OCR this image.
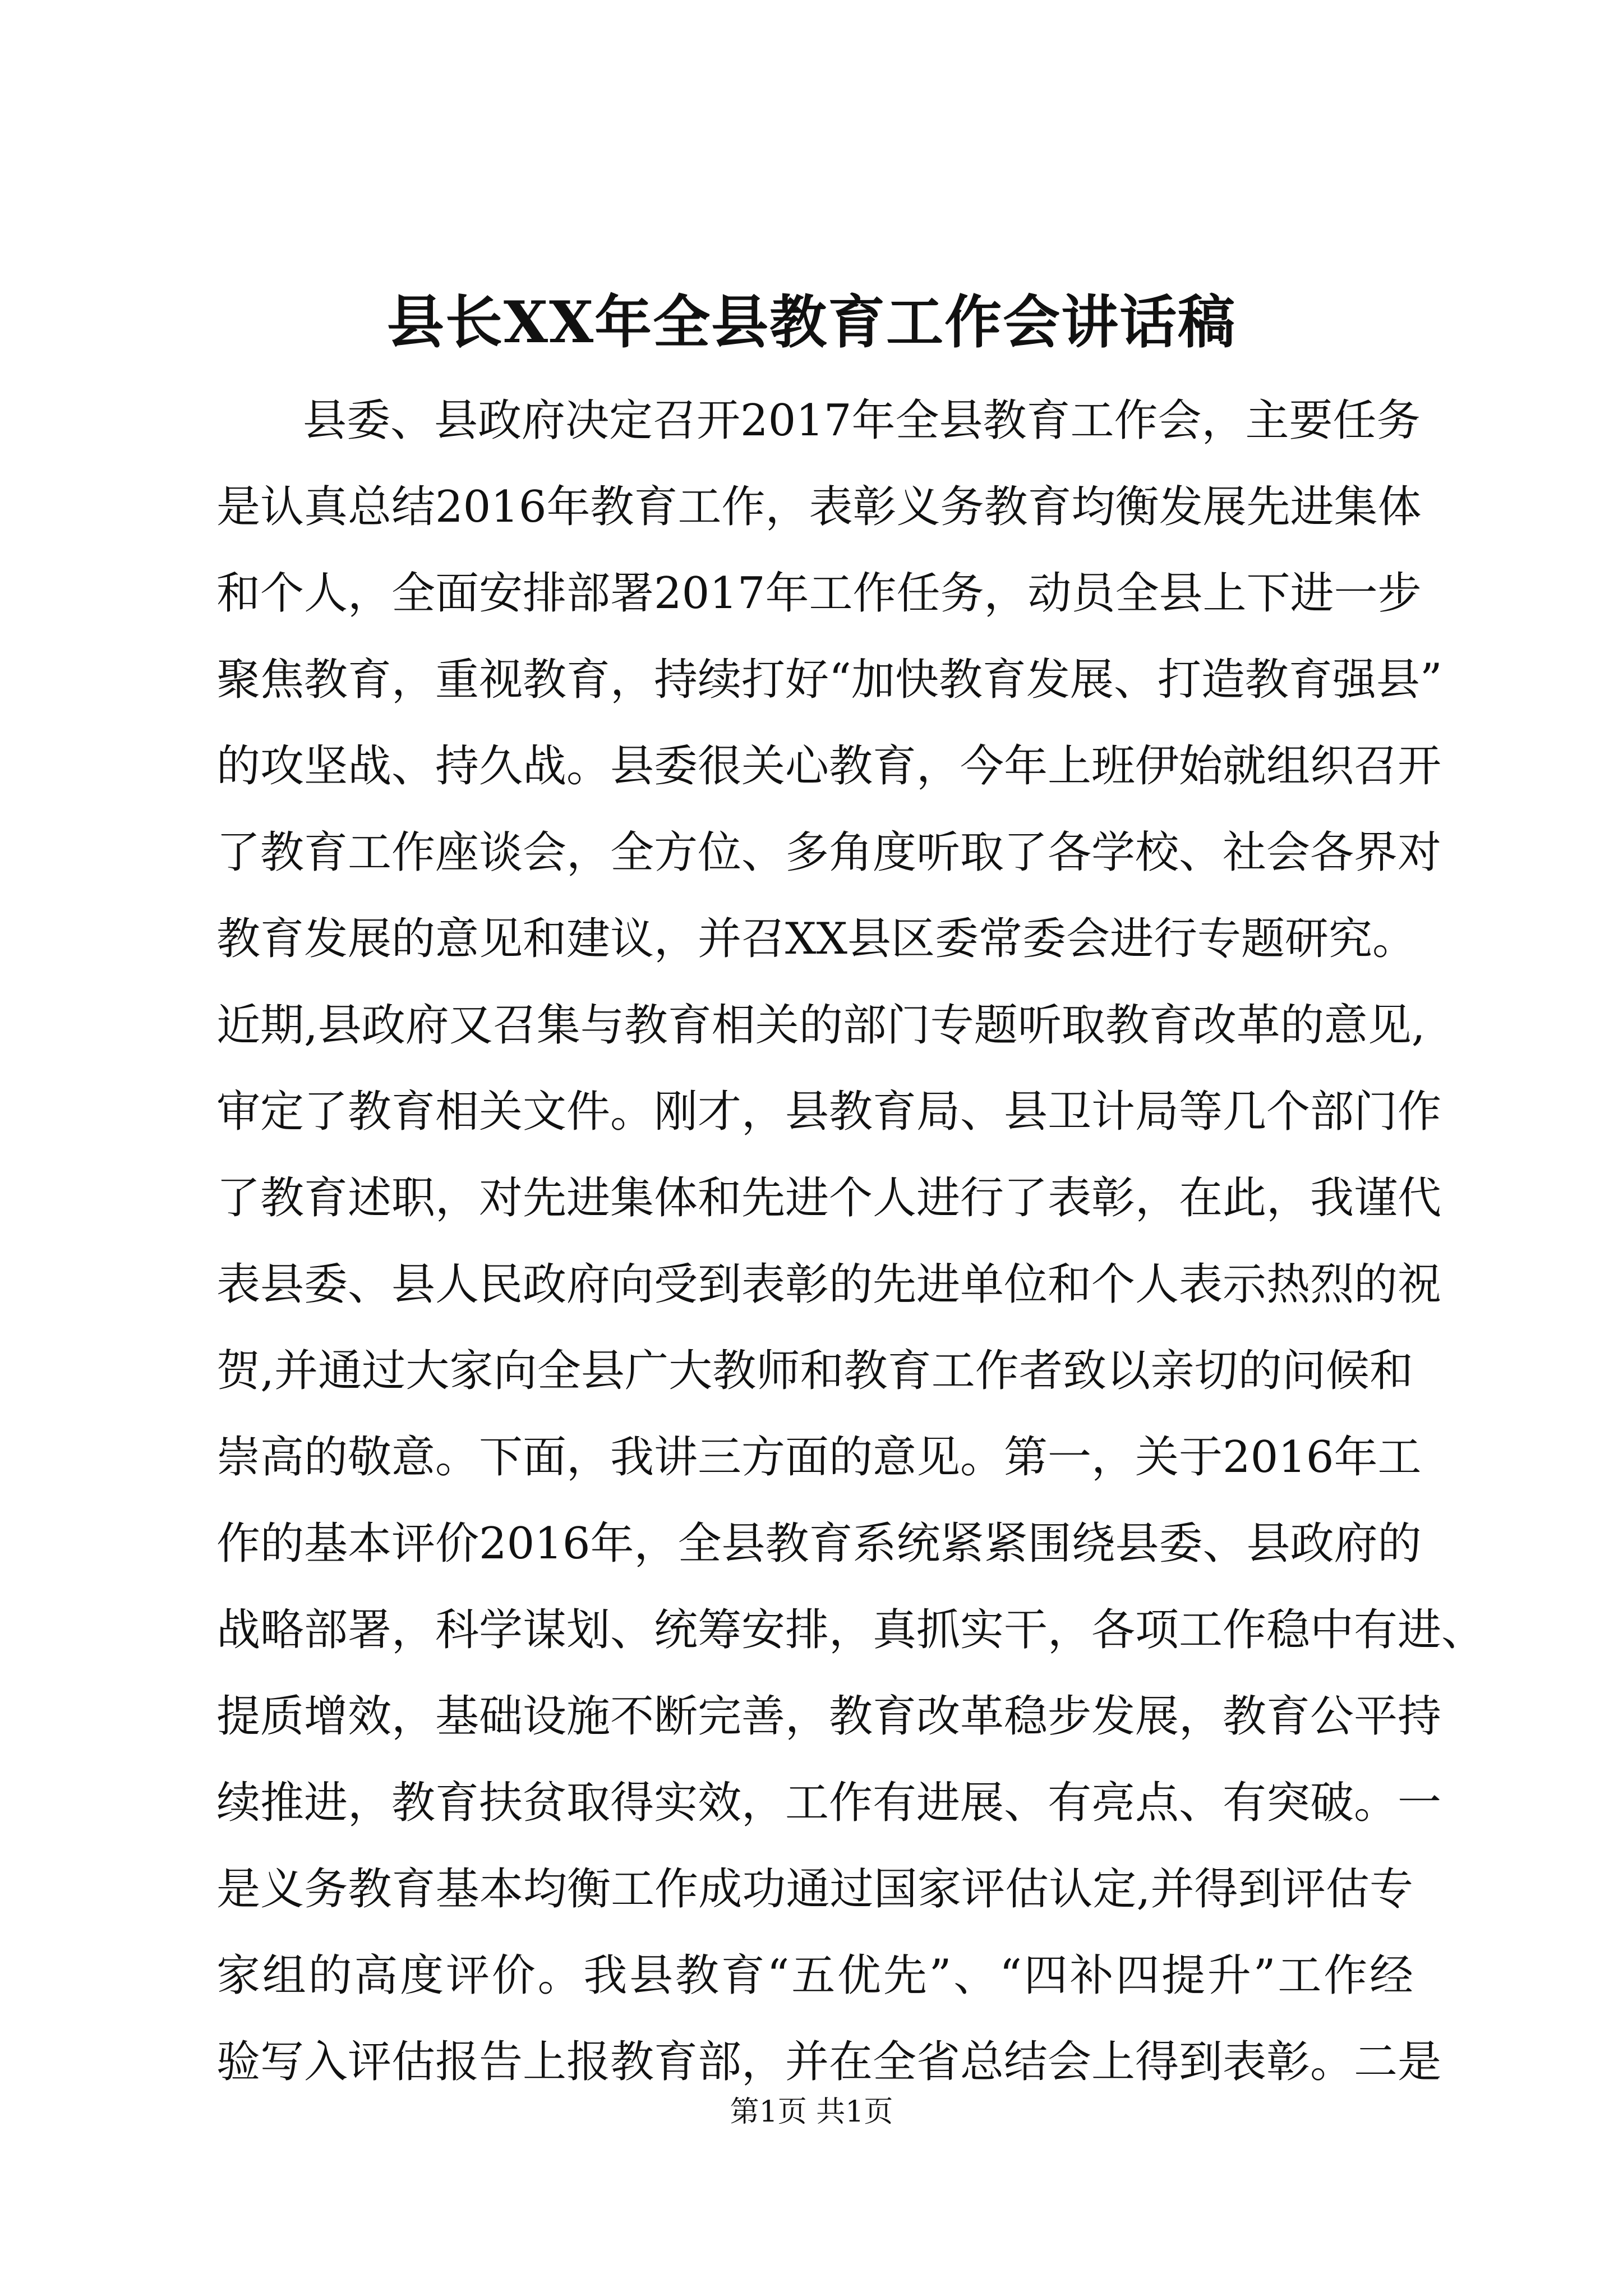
县长XX年全县教育工作会讲话稿
县委、县政府决定召开2017年全县教育工作会，主要任务
是认真总结2016年教育工作，表彰义务教育均衡发展先进集体
和个人，全面安排部署2017年工作任务，动员全县上下进一步
聚焦教育，重视教育，持续打好“加快教育发展、打造教育强县”
的攻坚战、持久战。县委很关心教育，今年上班伊始就组织召开
了教育工作座谈会，全方位、多角度听取了各学校、社会各界对
教育发展的意见和建议，并召XX县区委常委会进行专题研究。
近期,县政府又召集与教育相关的部门专题听取教育改革的意见,
审定了教育相关文件。刚才，县教育局、县卫计局等几个部门作
了教育述职，对先进集体和先进个人进行了表彰，在此，我谨代
表县委、县人民政府向受到表彰的先进单位和个人表示热烈的祝
贺,并通过大家向全县广大教师和教育工作者致以亲切的问候和
崇高的敬意。下面，我讲三方面的意见。第一，关于2016年工
作的基本评价2016年，全县教育系统紧紧围绕县委、县政府的
战略部署，科学谋划、统筹安排，真抓实干，各项工作稳中有进、
提质增效，基础设施不断完善，教育改革稳步发展，教育公平持
续推进，教育扶贫取得实效，工作有进展、有亮点、有突破。一
是义务教育基本均衡工作成功通过国家评估认定,并得到评估专
家组的高度评价。我县教育“五优先”、“四补四提升”工作经
验写入评估报告上报教育部，并在全省总结会上得到表彰。二是
第1页 共1页
